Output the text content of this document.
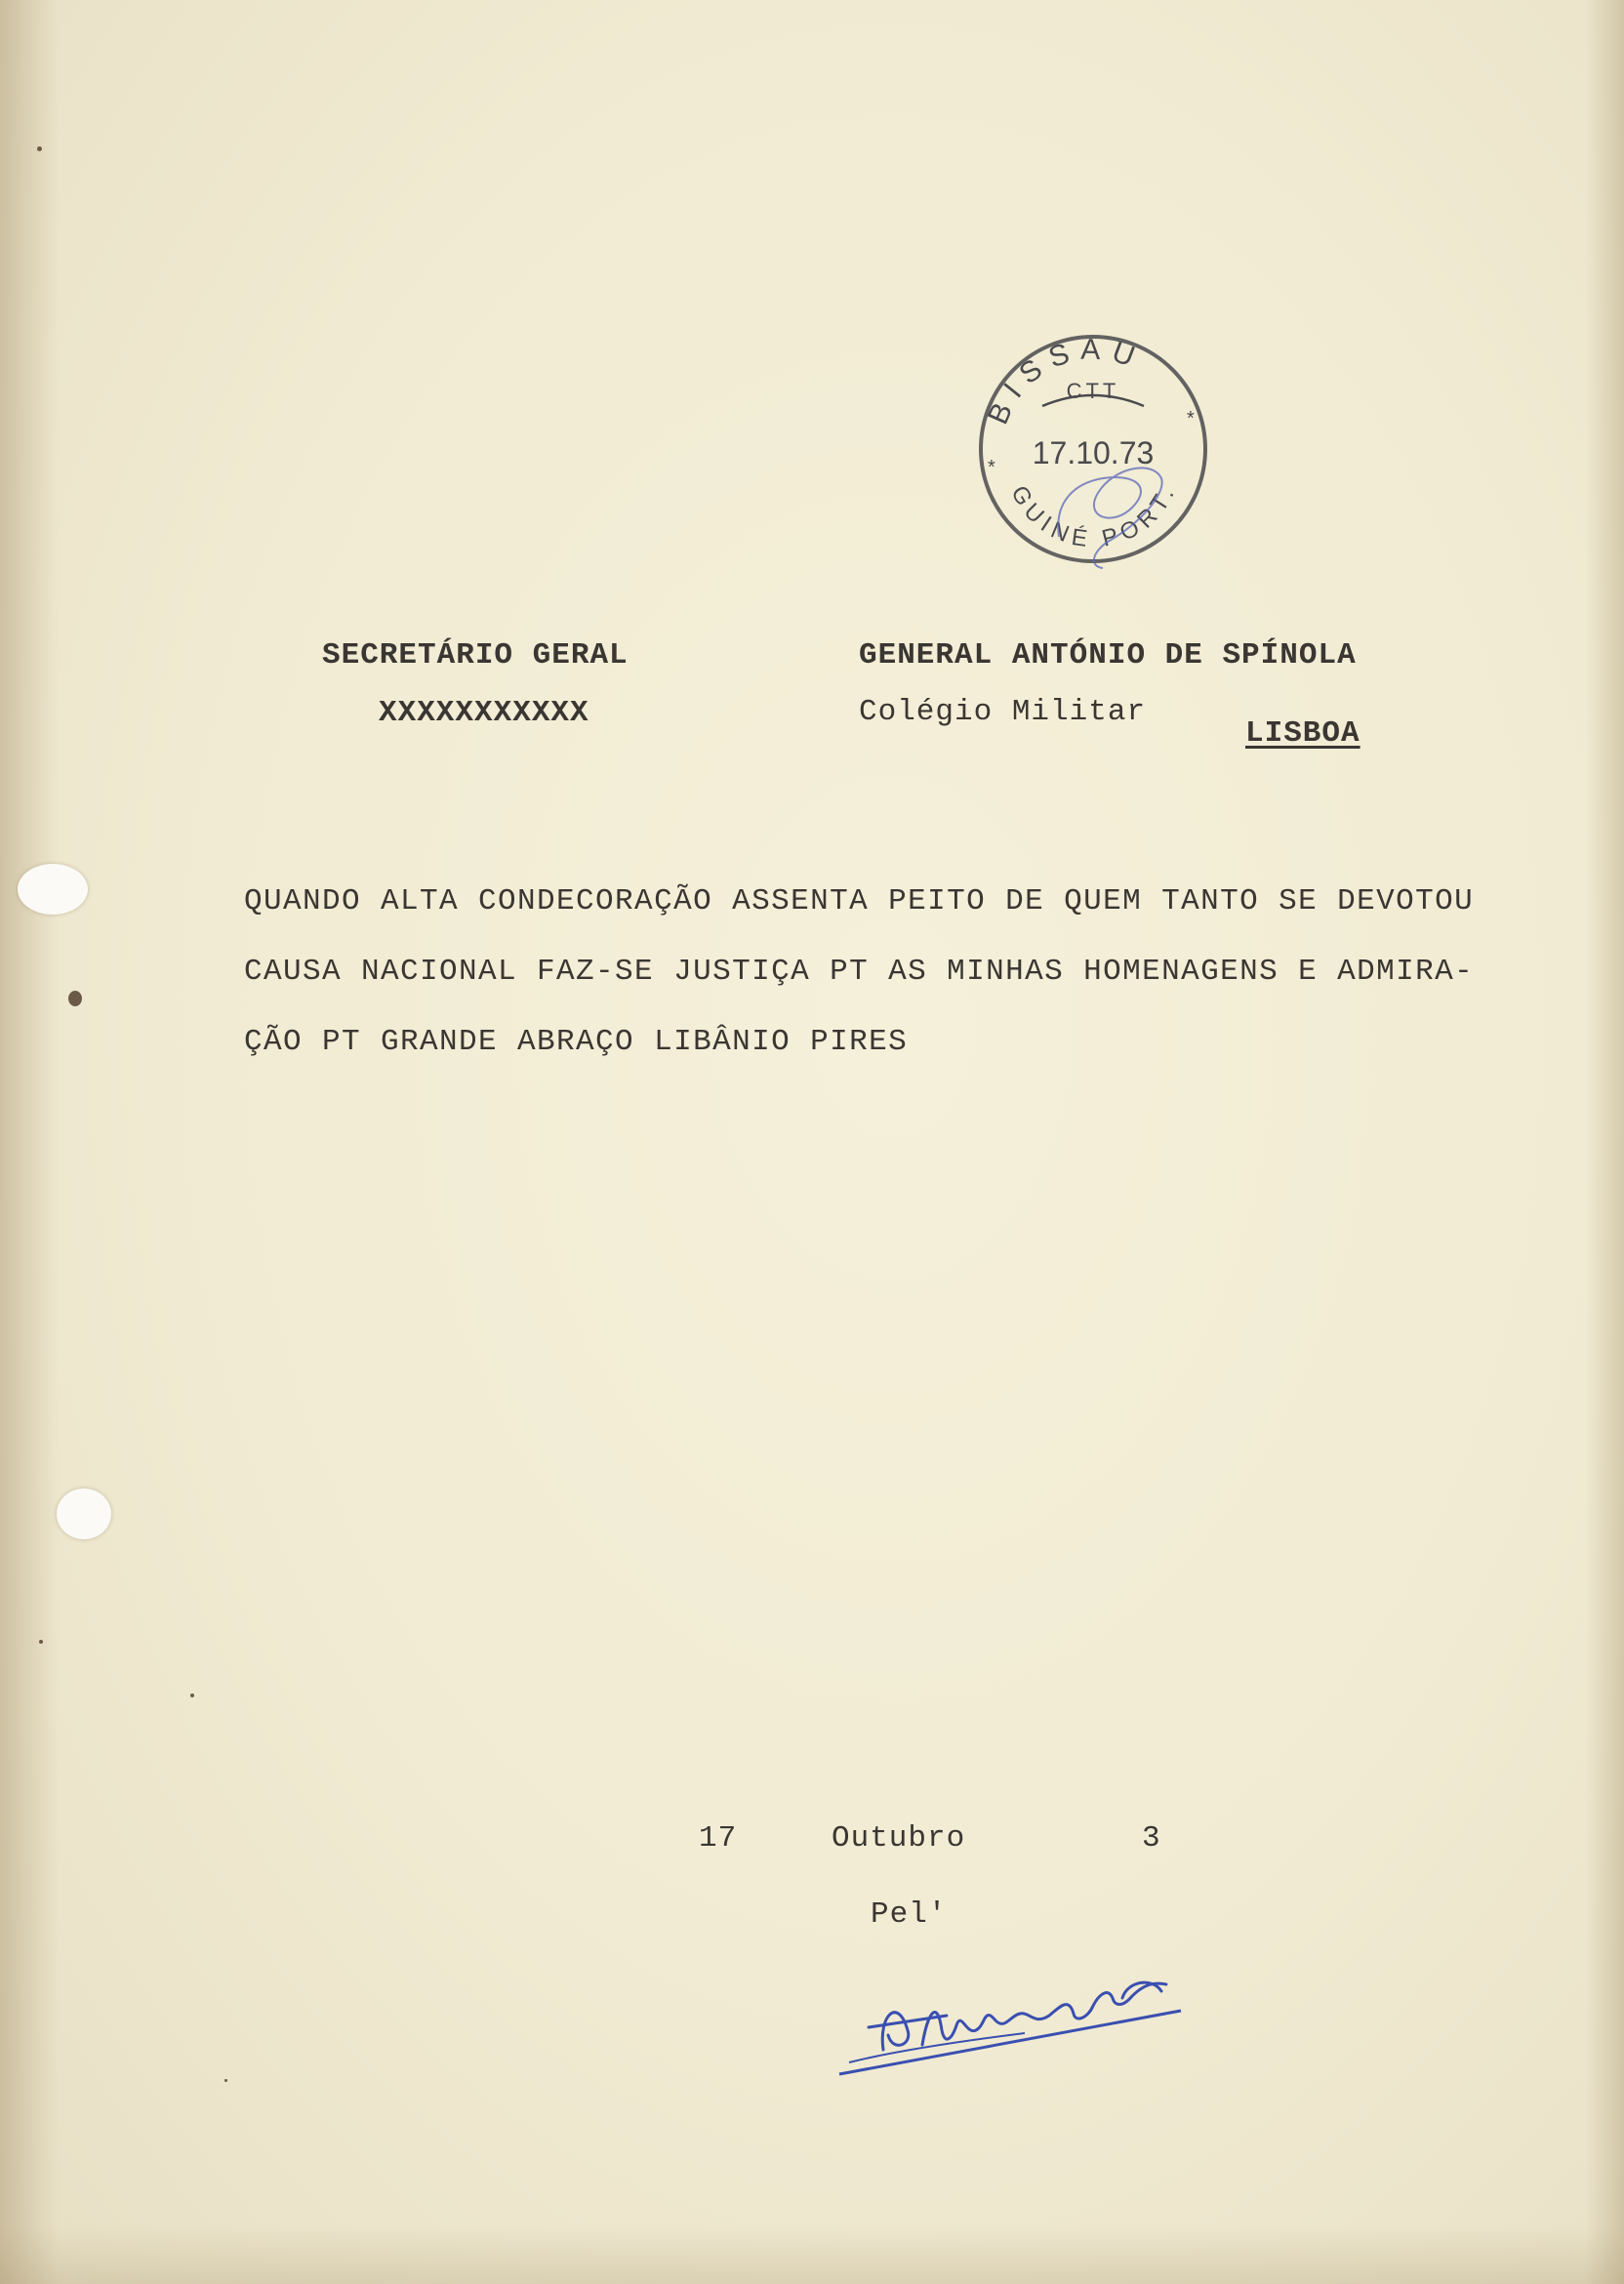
BISSAU
CTT
17.10.73
*
*
GUINÉ PORT.
SECRETÁRIO GERAL
XXXXXXXXXXX
GENERAL ANTÓNIO DE SPÍNOLA
Colégio Militar
LISBOA
QUANDO ALTA CONDECORAÇÃO ASSENTA PEITO DE QUEM TANTO SE DEVOTOU
CAUSA NACIONAL FAZ-SE JUSTIÇA PT AS MINHAS HOMENAGENS E ADMIRA-
ÇÃO PT GRANDE ABRAÇO LIBÂNIO PIRES
17	Outubro	3
Pel'
